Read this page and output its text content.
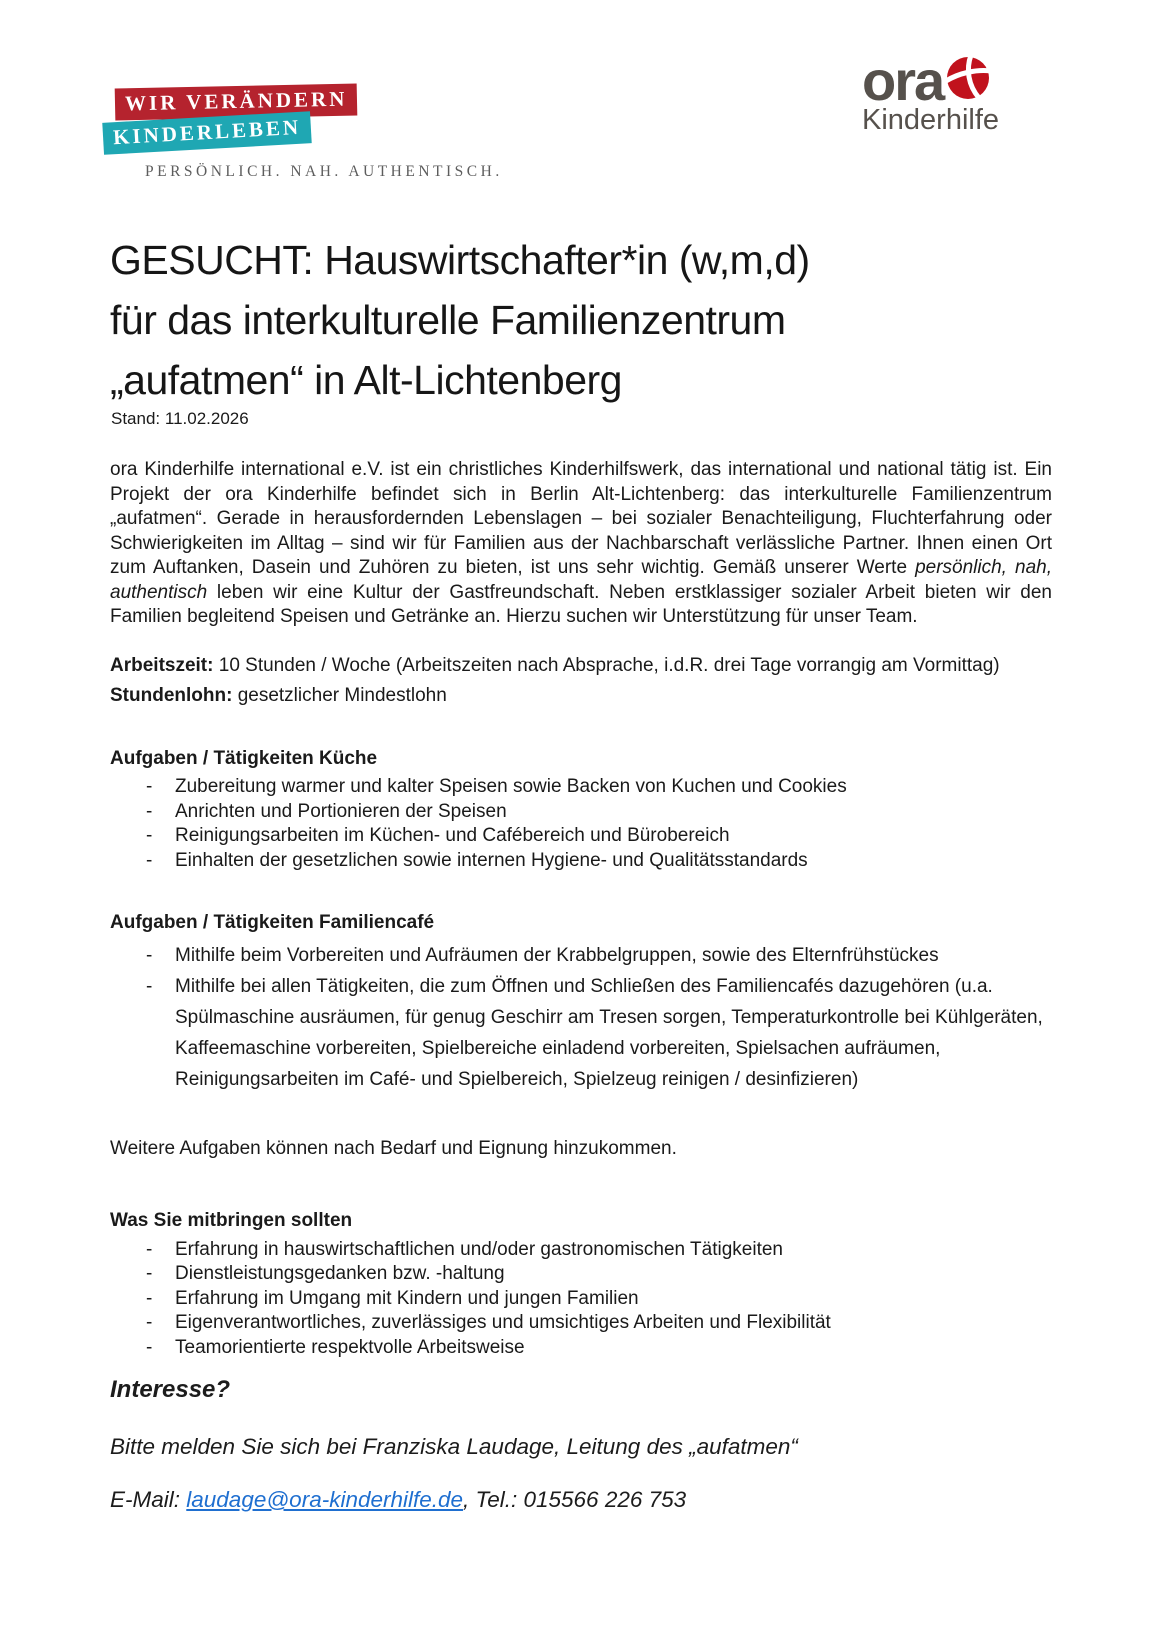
WIR VERÄNDERN
KINDERLEBEN
PERSÖNLICH. NAH. AUTHENTISCH.
ora
Kinderhilfe
GESUCHT: Hauswirtschafter*in (w,m,d)
für das interkulturelle Familienzentrum
„aufatmen“ in Alt-Lichtenberg
Stand: 11.02.2026

ora Kinderhilfe international e.V. ist ein christliches Kinderhilfswerk, das international und national tätig ist. Ein Projekt der ora Kinderhilfe befindet sich in Berlin Alt-Lichtenberg: das interkulturelle Familienzentrum „aufatmen“. Gerade in herausfordernden Lebenslagen – bei sozialer Benachteiligung, Fluchterfahrung oder Schwierigkeiten im Alltag – sind wir für Familien aus der Nachbarschaft verlässliche Partner. Ihnen einen Ort zum Auftanken, Dasein und Zuhören zu bieten, ist uns sehr wichtig. Gemäß unserer Werte persönlich, nah, authentisch leben wir eine Kultur der Gastfreundschaft. Neben erstklassiger sozialer Arbeit bieten wir den Familien begleitend Speisen und Getränke an. Hierzu suchen wir Unterstützung für unser Team.

Arbeitszeit: 10 Stunden / Woche (Arbeitszeiten nach Absprache, i.d.R. drei Tage vorrangig am Vormittag)
Stundenlohn: gesetzlicher Mindestlohn
Aufgaben / Tätigkeiten Küche
-	Zubereitung warmer und kalter Speisen sowie Backen von Kuchen und Cookies
-	Anrichten und Portionieren der Speisen
-	Reinigungsarbeiten im Küchen- und Cafébereich und Bürobereich
-	Einhalten der gesetzlichen sowie internen Hygiene- und Qualitätsstandards
Aufgaben / Tätigkeiten Familiencafé
-	Mithilfe beim Vorbereiten und Aufräumen der Krabbelgruppen, sowie des Elternfrühstückes
-	Mithilfe bei allen Tätigkeiten, die zum Öffnen und Schließen des Familiencafés dazugehören (u.a. Spülmaschine ausräumen, für genug Geschirr am Tresen sorgen, Temperaturkontrolle bei Kühlgeräten, Kaffeemaschine vorbereiten, Spielbereiche einladend vorbereiten, Spielsachen aufräumen, Reinigungsarbeiten im Café- und Spielbereich, Spielzeug reinigen / desinfizieren)
Weitere Aufgaben können nach Bedarf und Eignung hinzukommen.
Was Sie mitbringen sollten
-	Erfahrung in hauswirtschaftlichen und/oder gastronomischen Tätigkeiten
-	Dienstleistungsgedanken bzw. -haltung
-	Erfahrung im Umgang mit Kindern und jungen Familien
-	Eigenverantwortliches, zuverlässiges und umsichtiges Arbeiten und Flexibilität
-	Teamorientierte respektvolle Arbeitsweise
Interesse?
Bitte melden Sie sich bei Franziska Laudage, Leitung des „aufatmen“
E-Mail: laudage@ora-kinderhilfe.de, Tel.: 015566 226 753
